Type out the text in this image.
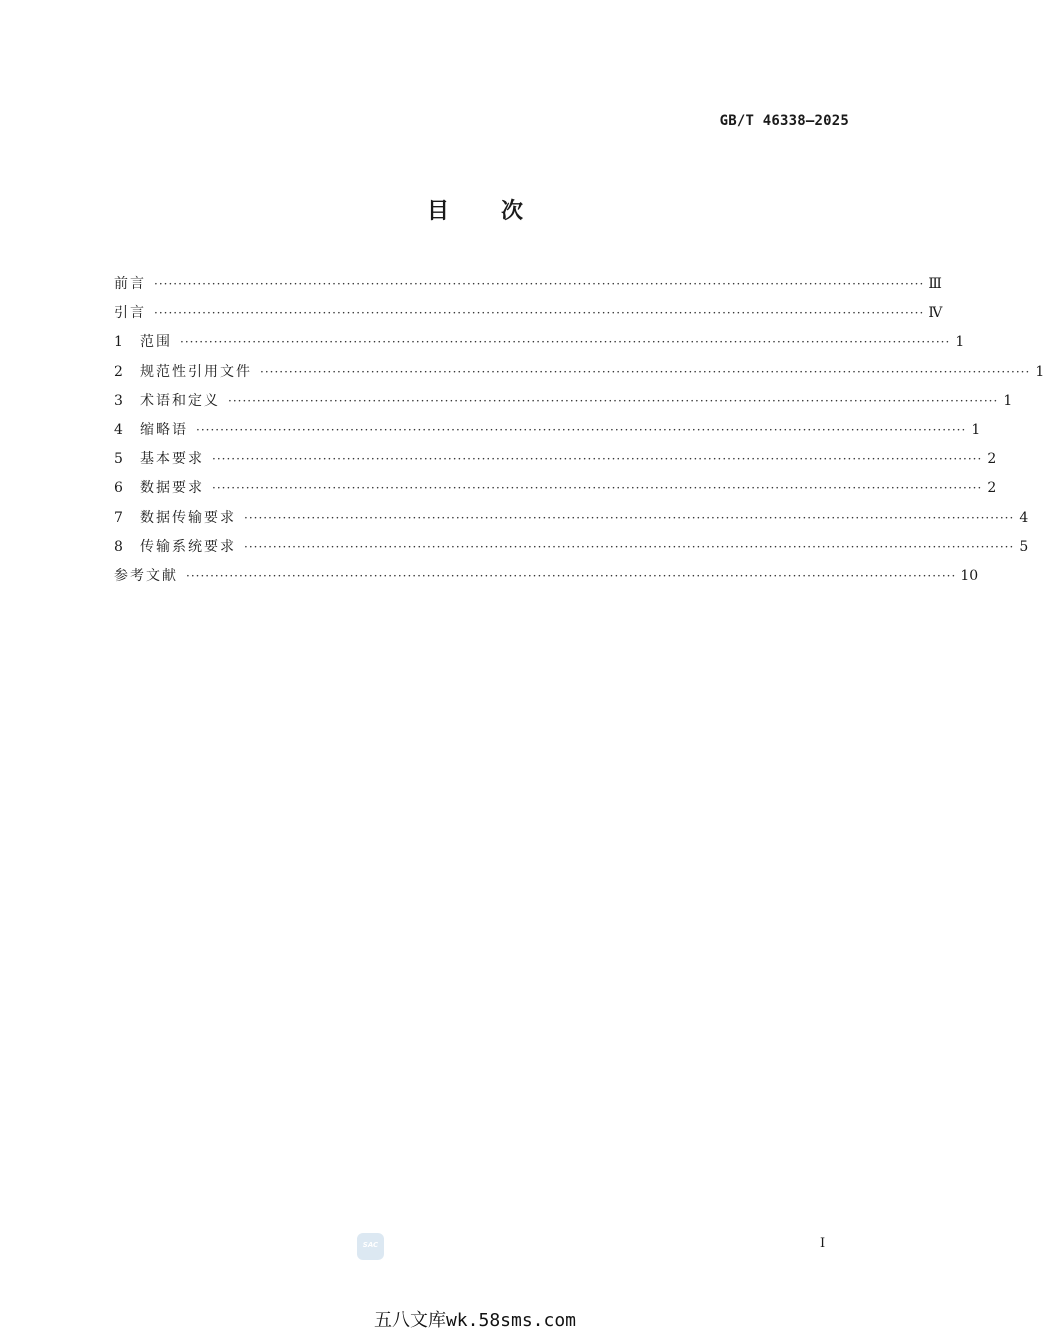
GB/T 46338—2025
目次
前言 ································································································································································ Ⅲ
引言 ································································································································································ Ⅳ
1	范围 ································································································································································ 1
2	规范性引用文件 ································································································································································ 1
3	术语和定义 ································································································································································ 1
4	缩略语 ································································································································································ 1
5	基本要求 ································································································································································ 2
6	数据要求 ································································································································································ 2
7	数据传输要求 ································································································································································ 4
8	传输系统要求 ································································································································································ 5
参考文献 ································································································································································ 10
SAC	I
五八文库wk.58sms.com
